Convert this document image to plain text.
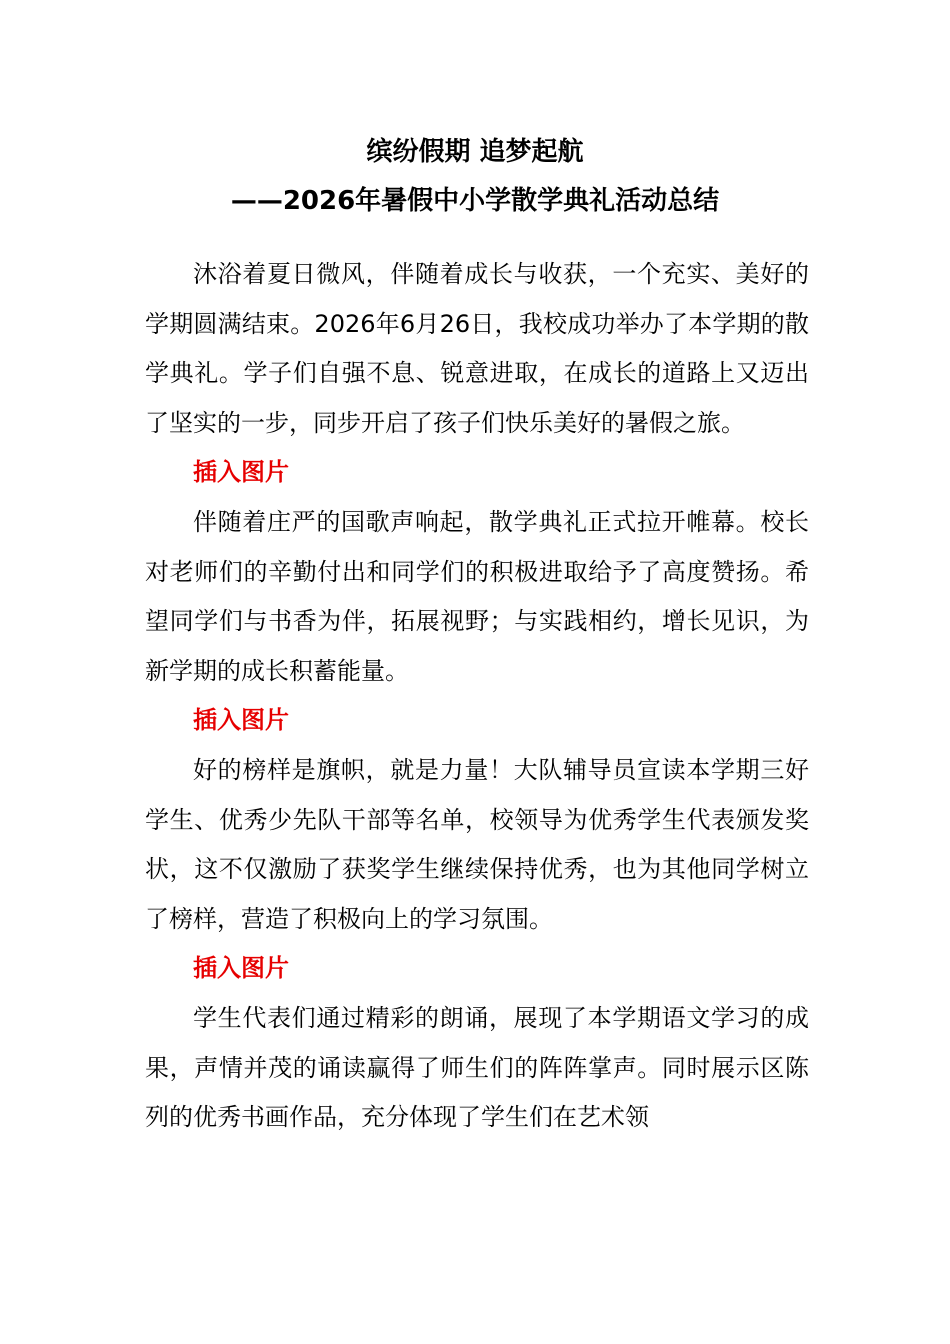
缤纷假期 追梦起航
——2026年暑假中小学散学典礼活动总结

沐浴着夏日微风，伴随着成长与收获，一个充实、美好的学期圆满结束。2026年6月26日，我校成功举办了本学期的散学典礼。学子们自强不息、锐意进取，在成长的道路上又迈出了坚实的一步，同步开启了孩子们快乐美好的暑假之旅。

插入图片

伴随着庄严的国歌声响起，散学典礼正式拉开帷幕。校长对老师们的辛勤付出和同学们的积极进取给予了高度赞扬。希望同学们与书香为伴，拓展视野；与实践相约，增长见识，为新学期的成长积蓄能量。

插入图片

好的榜样是旗帜，就是力量！大队辅导员宣读本学期三好学生、优秀少先队干部等名单，校领导为优秀学生代表颁发奖状，这不仅激励了获奖学生继续保持优秀，也为其他同学树立了榜样，营造了积极向上的学习氛围。

插入图片

学生代表们通过精彩的朗诵，展现了本学期语文学习的成果，声情并茂的诵读赢得了师生们的阵阵掌声。同时展示区陈列的优秀书画作品，充分体现了学生们在艺术领
